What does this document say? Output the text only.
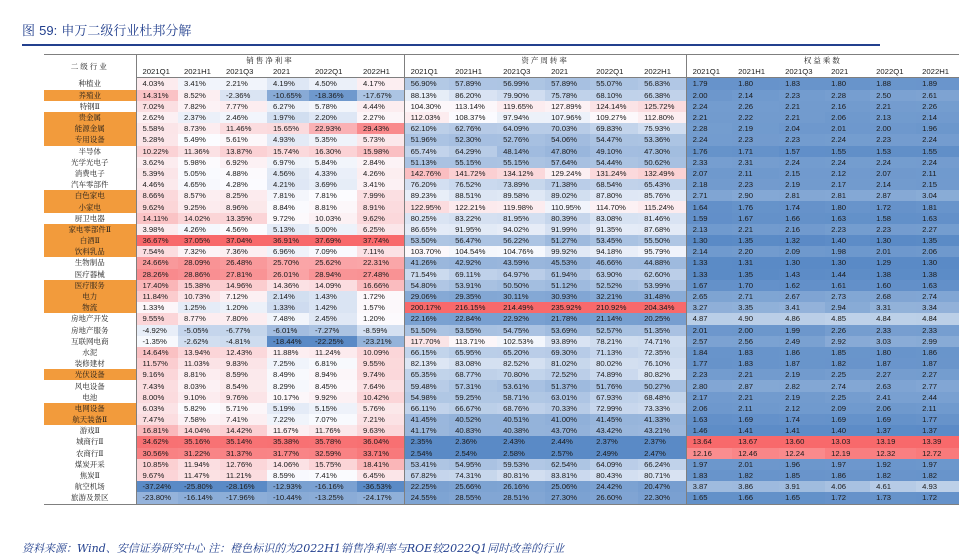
图 59: 申万二级行业杜邦分解
二级行业	销售净利率						资产周转率						权益乘数					
	2021Q1	2021H1	2021Q3	2021	2022Q1	2022H1	2021Q1	2021H1	2021Q3	2021	2022Q1	2022H1	2021Q1	2021H1	2021Q3	2021	2022Q1	2022H1
种植业	4.03%	3.41%	2.21%	4.19%	4.50%	4.17%	56.90%	57.89%	56.99%	57.89%	55.07%	56.83%	1.79	1.80	1.83	1.80	1.88	1.89
养殖业	14.31%	8.52%	-2.36%	-10.65%	-18.36%	-17.67%	88.13%	86.20%	79.90%	75.78%	68.10%	66.38%	2.00	2.14	2.23	2.28	2.50	2.61
特钢Ⅱ	7.02%	7.82%	7.77%	6.27%	5.78%	4.44%	104.30%	113.14%	119.65%	127.89%	124.14%	125.72%	2.24	2.26	2.21	2.16	2.21	2.26
贵金属	2.62%	2.37%	2.46%	1.97%	2.20%	2.27%	112.03%	108.37%	97.94%	107.96%	109.27%	112.80%	2.21	2.22	2.21	2.06	2.13	2.14
能源金属	5.58%	8.73%	11.46%	15.65%	22.93%	29.43%	62.10%	62.76%	64.09%	70.03%	69.83%	75.93%	2.28	2.19	2.04	2.01	2.00	1.96
专用设备	5.28%	5.49%	5.61%	4.93%	5.35%	5.73%	51.96%	52.30%	52.76%	54.06%	54.47%	53.36%	2.24	2.23	2.23	2.24	2.23	2.24
半导体	10.22%	11.36%	13.87%	15.74%	16.30%	15.98%	65.74%	64.29%	48.14%	47.80%	49.10%	47.30%	1.76	1.71	1.57	1.55	1.53	1.55
光学光电子	3.62%	5.98%	6.92%	6.97%	5.84%	2.84%	51.13%	55.15%	55.15%	57.64%	54.44%	50.62%	2.33	2.31	2.24	2.24	2.24	2.24
消费电子	5.39%	5.05%	4.88%	4.56%	4.33%	4.26%	142.76%	141.72%	134.12%	129.24%	131.24%	132.49%	2.07	2.11	2.15	2.12	2.07	2.11
汽车零部件	4.46%	4.65%	4.28%	4.21%	3.69%	3.41%	76.20%	76.52%	73.89%	71.38%	68.54%	65.43%	2.18	2.23	2.19	2.17	2.14	2.15
白色家电	8.66%	8.57%	8.25%	7.81%	7.81%	7.99%	89.23%	88.51%	89.58%	89.02%	87.80%	85.76%	2.71	2.90	2.81	2.81	2.87	3.04
小家电	9.62%	9.25%	8.96%	8.84%	8.81%	8.91%	122.95%	122.21%	119.98%	110.95%	114.70%	115.24%	1.64	1.76	1.74	1.80	1.72	1.81
厨卫电器	14.11%	14.02%	13.35%	9.72%	10.03%	9.62%	80.25%	83.22%	81.95%	80.39%	83.08%	81.46%	1.59	1.67	1.66	1.63	1.58	1.63
家电零部件Ⅱ	3.98%	4.26%	4.56%	5.13%	5.00%	6.25%	86.65%	91.95%	94.02%	91.99%	91.35%	87.68%	2.13	2.21	2.16	2.23	2.23	2.27
白酒Ⅱ	36.67%	37.05%	37.04%	36.91%	37.69%	37.74%	53.50%	56.47%	56.22%	51.27%	53.45%	55.50%	1.30	1.35	1.32	1.40	1.30	1.35
饮料乳品	7.54%	7.32%	7.36%	6.96%	7.09%	7.11%	103.70%	104.54%	104.76%	99.92%	94.18%	95.79%	2.14	2.20	2.09	1.98	2.01	2.06
生物制品	24.66%	28.09%	26.48%	25.70%	25.62%	22.31%	41.26%	42.92%	43.59%	45.53%	46.66%	44.88%	1.33	1.31	1.30	1.30	1.29	1.30
医疗器械	28.26%	28.86%	27.81%	26.01%	28.94%	27.48%	71.54%	69.11%	64.97%	61.94%	63.90%	62.60%	1.33	1.35	1.43	1.44	1.38	1.38
医疗服务	17.40%	15.38%	14.96%	14.36%	14.09%	16.66%	54.80%	53.91%	50.50%	51.12%	52.52%	53.99%	1.67	1.70	1.62	1.61	1.60	1.63
电力	11.84%	10.73%	7.12%	2.14%	1.43%	1.72%	29.06%	29.35%	30.11%	30.93%	32.21%	31.48%	2.65	2.71	2.67	2.73	2.68	2.74
物流	1.33%	1.25%	1.20%	1.33%	1.42%	1.57%	200.17%	216.15%	214.49%	235.92%	210.92%	204.34%	3.27	3.35	3.41	2.94	3.31	3.34
房地产开发	9.55%	8.77%	7.80%	7.48%	2.45%	1.20%	22.16%	22.84%	22.92%	21.78%	21.14%	20.25%	4.87	4.90	4.86	4.85	4.84	4.84
房地产服务	-4.92%	-5.05%	-6.77%	-6.01%	-7.27%	-8.59%	51.50%	53.55%	54.75%	53.69%	52.57%	51.35%	2.01	2.00	1.99	2.26	2.33	2.33
互联网电商	-1.35%	-2.62%	-4.81%	-18.44%	-22.25%	-23.21%	117.70%	113.71%	102.53%	93.89%	78.21%	74.71%	2.57	2.56	2.49	2.92	3.03	2.99
水泥	14.64%	13.94%	12.43%	11.88%	11.24%	10.09%	66.15%	65.95%	65.20%	69.30%	71.13%	72.35%	1.84	1.83	1.86	1.85	1.80	1.86
装修建材	11.57%	11.03%	9.83%	7.25%	6.81%	9.55%	82.13%	83.08%	82.52%	81.02%	80.02%	76.10%	1.77	1.83	1.87	1.82	1.87	1.87
光伏设备	9.16%	8.81%	8.59%	8.49%	8.94%	9.74%	65.35%	68.77%	70.80%	72.52%	74.89%	80.82%	2.23	2.21	2.19	2.25	2.27	2.27
风电设备	7.43%	8.03%	8.54%	8.29%	8.45%	7.64%	59.48%	57.31%	53.61%	51.37%	51.76%	50.27%	2.80	2.87	2.82	2.74	2.63	2.77
电池	8.00%	9.10%	9.76%	10.17%	9.92%	10.42%	54.98%	59.25%	58.71%	63.01%	67.93%	68.48%	2.17	2.21	2.19	2.25	2.41	2.44
电网设备	6.03%	5.82%	5.71%	5.19%	5.15%	5.76%	66.11%	66.67%	68.76%	70.33%	72.99%	73.33%	2.06	2.11	2.12	2.09	2.06	2.11
航天装备Ⅱ	7.47%	7.58%	7.41%	7.22%	7.07%	7.21%	41.45%	40.52%	40.51%	41.00%	41.45%	41.33%	1.63	1.69	1.74	1.69	1.69	1.77
游戏Ⅱ	16.81%	14.04%	14.42%	11.67%	11.76%	9.63%	41.17%	40.83%	40.38%	43.70%	43.42%	43.21%	1.46	1.41	1.41	1.40	1.37	1.37
城商行Ⅱ	34.62%	35.16%	35.14%	35.38%	35.78%	36.04%	2.35%	2.36%	2.43%	2.44%	2.37%	2.37%	13.64	13.67	13.60	13.03	13.19	13.39
农商行Ⅱ	30.56%	31.22%	31.37%	31.77%	32.59%	33.71%	2.54%	2.54%	2.58%	2.57%	2.49%	2.47%	12.16	12.46	12.24	12.19	12.32	12.72
煤炭开采	10.85%	11.94%	12.76%	14.06%	15.75%	18.41%	53.41%	54.95%	59.53%	62.54%	64.09%	66.24%	1.97	2.01	1.96	1.97	1.92	1.97
焦炭Ⅱ	9.67%	11.47%	11.21%	8.59%	7.41%	6.45%	67.82%	74.31%	80.81%	83.81%	80.43%	80.71%	1.83	1.82	1.85	1.86	1.82	1.82
航空机场	-37.24%	-25.80%	-28.16%	-12.93%	-16.16%	-36.53%	22.25%	25.66%	26.16%	25.06%	24.42%	20.47%	3.87	3.86	3.91	4.06	4.61	4.93
旅游及景区	-23.80%	-16.14%	-17.96%	-10.44%	-13.25%	-24.17%	24.55%	28.55%	28.51%	27.30%	26.60%	22.30%	1.65	1.66	1.65	1.72	1.73	1.72
资料来源：Wind、安信证券研究中心 注：橙色标识的为2022H1销售净利率与ROE较2022Q1同时改善的行业
